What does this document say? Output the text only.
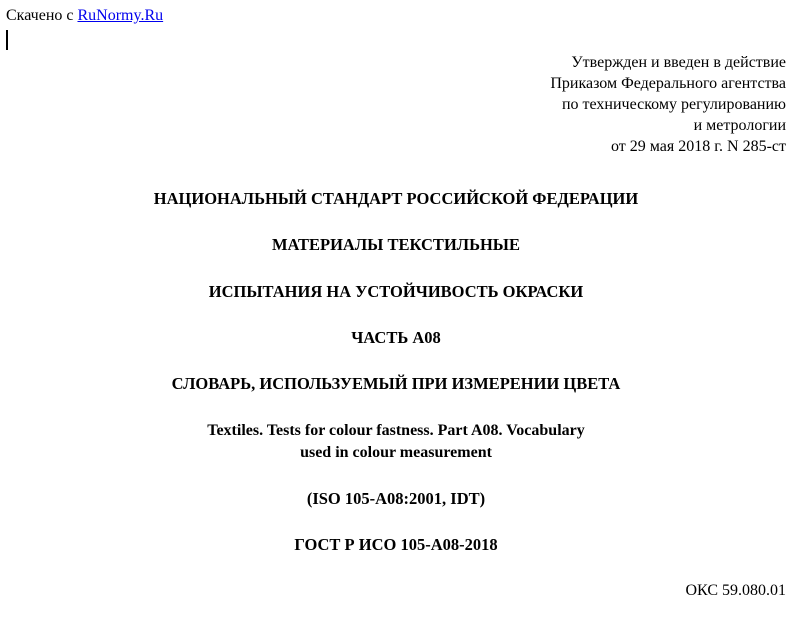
Скачено с RuNormy.Ru
Утвержден и введен в действие
Приказом Федерального агентства
по техническому регулированию
и метрологии
от 29 мая 2018 г. N 285-ст
НАЦИОНАЛЬНЫЙ СТАНДАРТ РОССИЙСКОЙ ФЕДЕРАЦИИ
МАТЕРИАЛЫ ТЕКСТИЛЬНЫЕ
ИСПЫТАНИЯ НА УСТОЙЧИВОСТЬ ОКРАСКИ
ЧАСТЬ А08
СЛОВАРЬ, ИСПОЛЬЗУЕМЫЙ ПРИ ИЗМЕРЕНИИ ЦВЕТА
Textiles. Tests for colour fastness. Part A08. Vocabulary
used in colour measurement
(ISO 105-A08:2001, IDT)
ГОСТ Р ИСО 105-А08-2018
ОКС 59.080.01
